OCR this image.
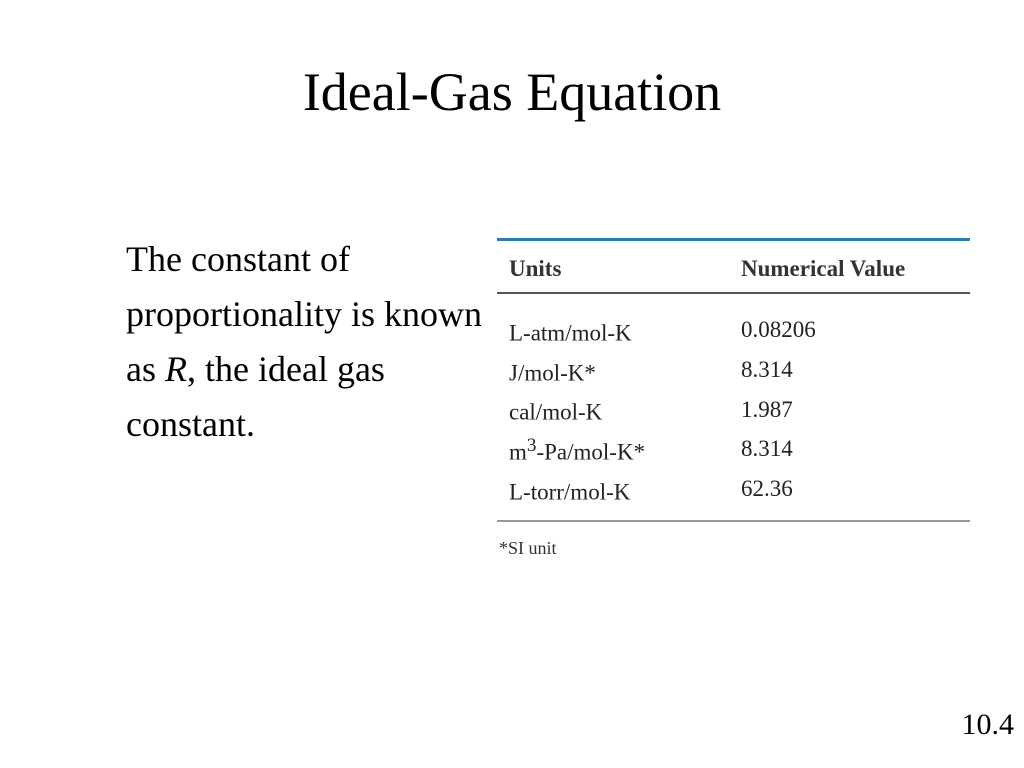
Ideal-Gas Equation
The constant of proportionality is known as R, the ideal gas constant.
Units	Numerical Value
L-atm/mol-K	0.08206
J/mol-K*	8.314
cal/mol-K	1.987
$m^3-Pa/mol-K*$	8.314
L-torr/mol-K	62.36
*SI unit
10.4
